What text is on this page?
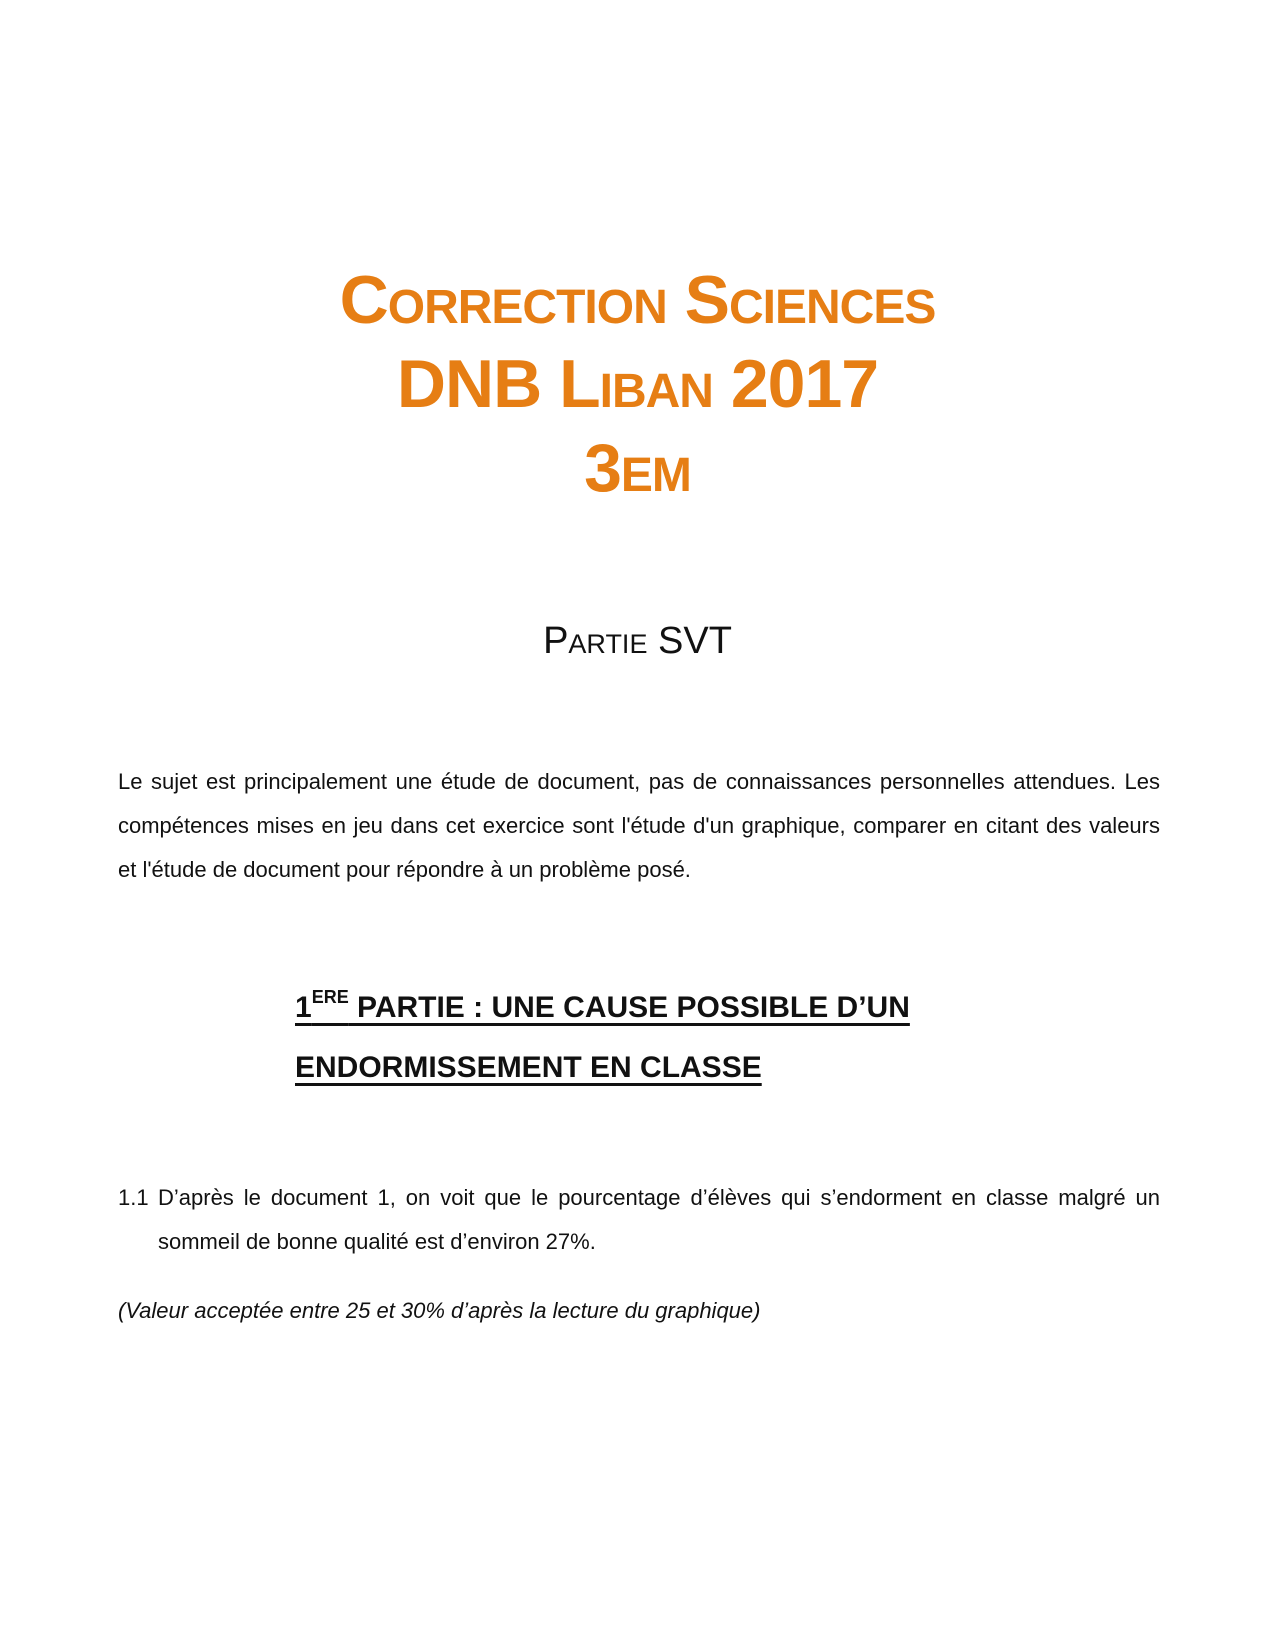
Correction Sciences
DNB Liban 2017
3em
Partie SVT

Le sujet est principalement une étude de document, pas de connaissances personnelles attendues. Les compétences mises en jeu dans cet exercice sont l'étude d'un graphique, comparer en citant des valeurs et l'étude de document pour répondre à un problème posé.

1ERE PARTIE : UNE CAUSE POSSIBLE D’UN
ENDORMISSEMENT EN CLASSE
1.1 D’après le document 1, on voit que le pourcentage d’élèves qui s’endorment en classe malgré un sommeil de bonne qualité est d’environ 27%.
(Valeur acceptée entre 25 et 30% d’après la lecture du graphique)
